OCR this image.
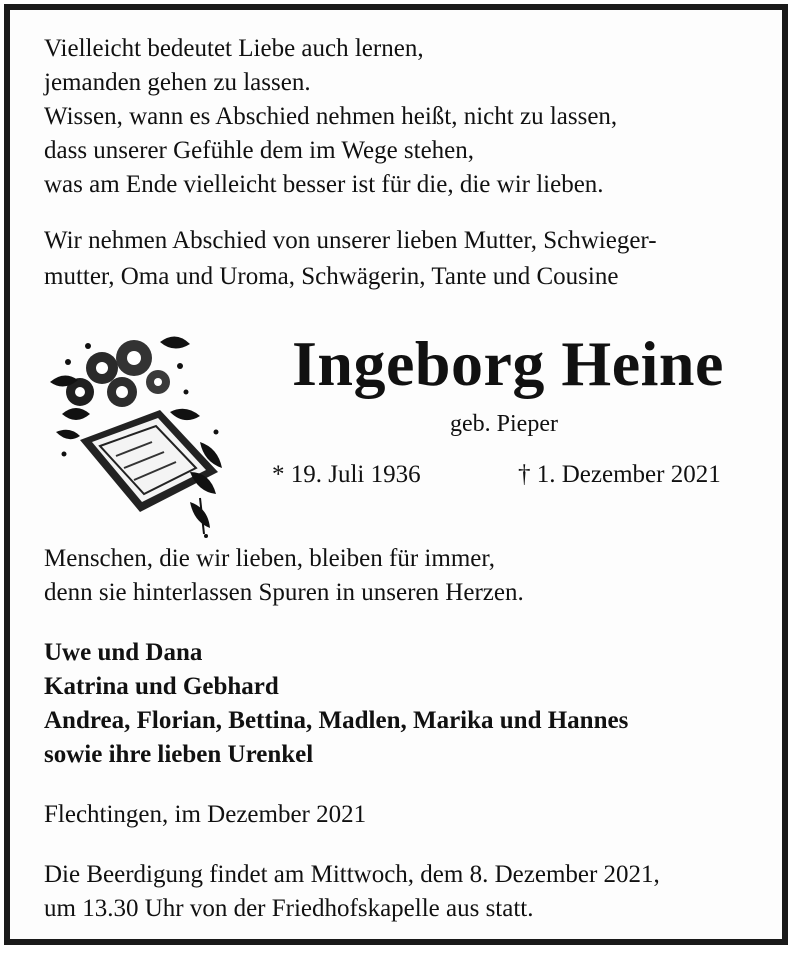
Vielleicht bedeutet Liebe auch lernen,
jemanden gehen zu lassen.
Wissen, wann es Abschied nehmen heißt, nicht zu lassen,
dass unserer Gefühle dem im Wege stehen,
was am Ende vielleicht besser ist für die, die wir lieben.
Wir nehmen Abschied von unserer lieben Mutter, Schwieger-
mutter, Oma und Uroma, Schwägerin, Tante und Cousine
Ingeborg Heine
geb. Pieper
* 19. Juli 1936	† 1. Dezember 2021
Menschen, die wir lieben, bleiben für immer,
denn sie hinterlassen Spuren in unseren Herzen.
Uwe und Dana
Katrina und Gebhard
Andrea, Florian, Bettina, Madlen, Marika und Hannes
sowie ihre lieben Urenkel
Flechtingen, im Dezember 2021
Die Beerdigung findet am Mittwoch, dem 8. Dezember 2021,
um 13.30 Uhr von der Friedhofskapelle aus statt.
